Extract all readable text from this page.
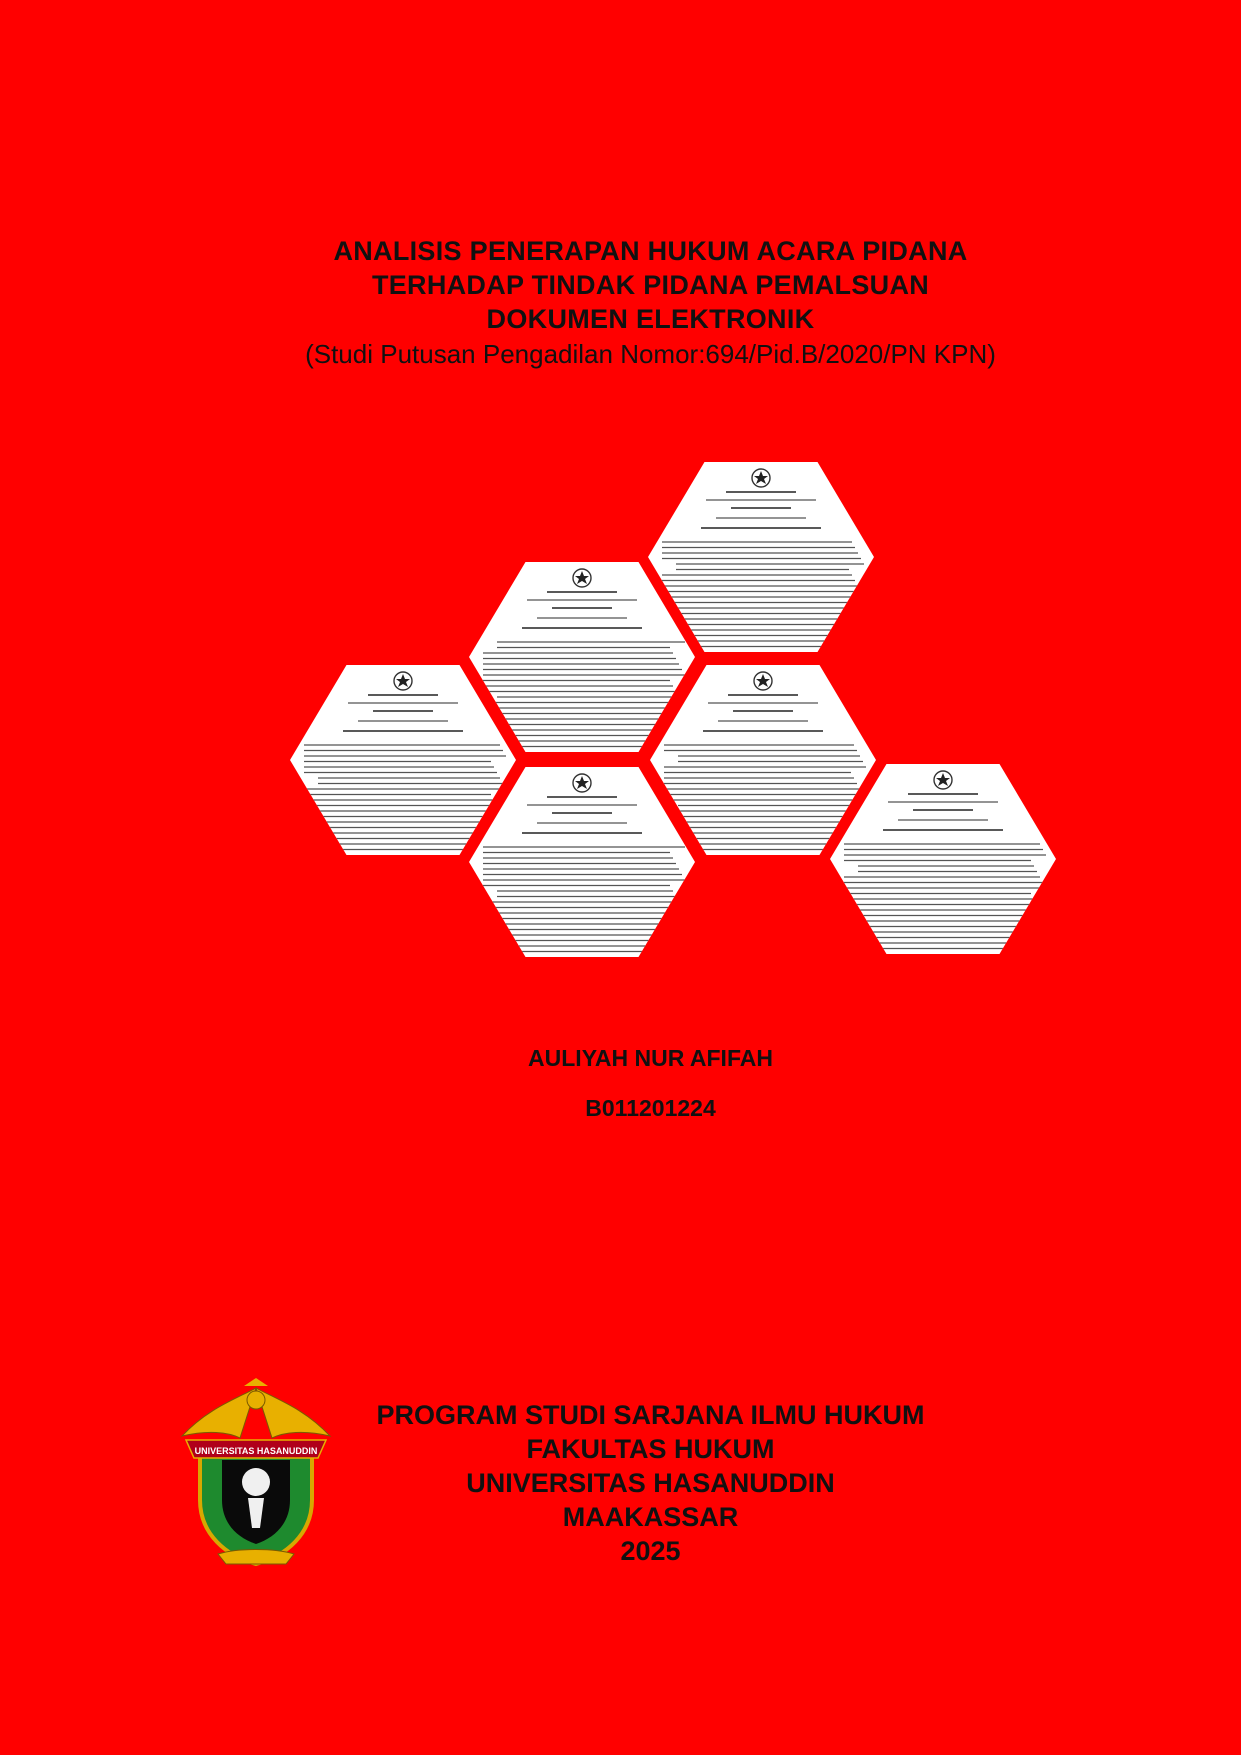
ANALISIS PENERAPAN HUKUM ACARA PIDANA
TERHADAP TINDAK PIDANA PEMALSUAN
DOKUMEN ELEKTRONIK
(Studi Putusan Pengadilan Nomor:694/Pid.B/2020/PN KPN)
AULIYAH NUR AFIFAH
B011201224
UNIVERSITAS HASANUDDIN
PROGRAM STUDI SARJANA ILMU HUKUM
FAKULTAS HUKUM
UNIVERSITAS HASANUDDIN
MAAKASSAR
2025
